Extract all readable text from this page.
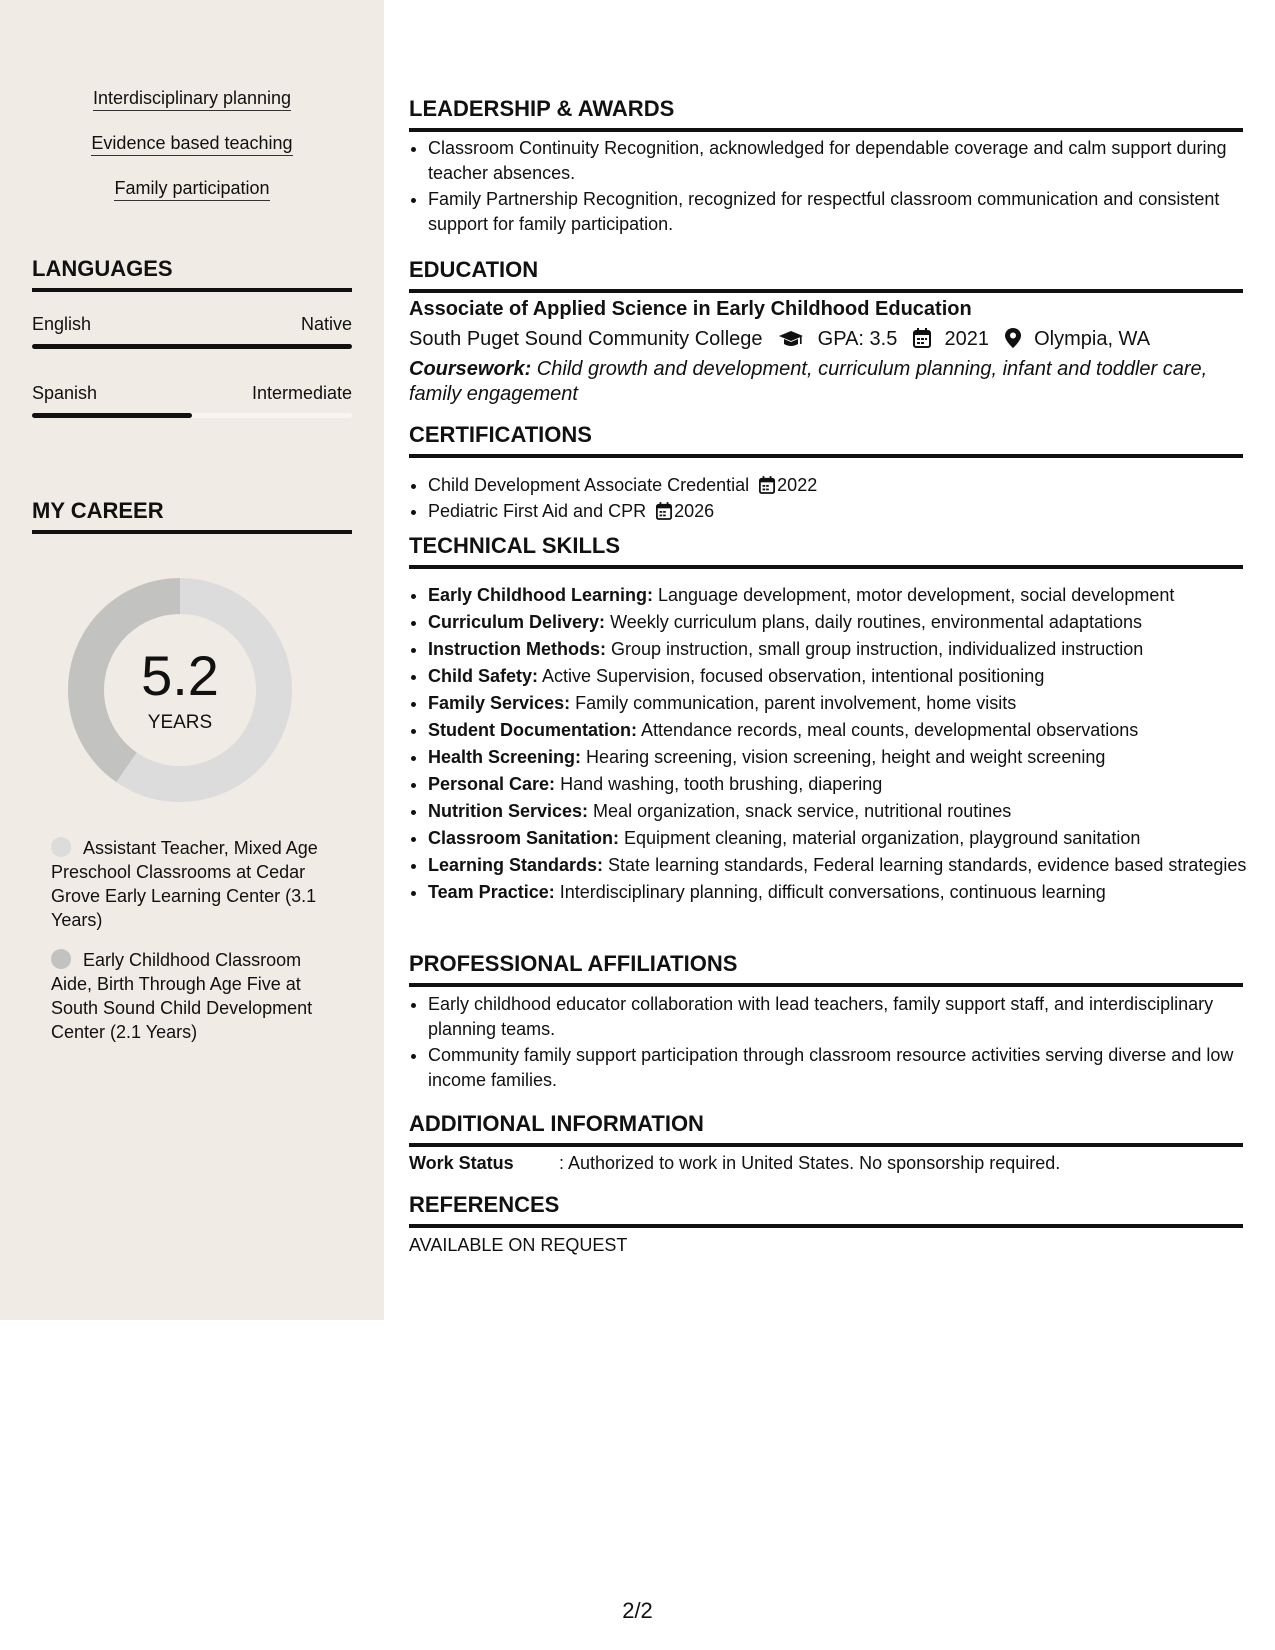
Interdisciplinary planning
Evidence based teaching
Family participation
LANGUAGES
English	Native
Spanish	Intermediate
MY CAREER
5.2
YEARS
Assistant Teacher, Mixed Age Preschool Classrooms at Cedar Grove Early Learning Center (3.1 Years)
Early Childhood Classroom Aide, Birth Through Age Five at South Sound Child Development Center (2.1 Years)
LEADERSHIP & AWARDS
• Classroom Continuity Recognition, acknowledged for dependable coverage and calm support during teacher absences.
• Family Partnership Recognition, recognized for respectful classroom communication and consistent support for family participation.
EDUCATION
Associate of Applied Science in Early Childhood Education
South Puget Sound Community College	GPA: 3.5 2021 Olympia, WA
Coursework: Child growth and development, curriculum planning, infant and toddler care, family engagement
CERTIFICATIONS
• Child Development Associate Credential 2022
• Pediatric First Aid and CPR 2026
TECHNICAL SKILLS
• Early Childhood Learning: Language development, motor development, social development
• Curriculum Delivery: Weekly curriculum plans, daily routines, environmental adaptations
• Instruction Methods: Group instruction, small group instruction, individualized instruction
• Child Safety: Active Supervision, focused observation, intentional positioning
• Family Services: Family communication, parent involvement, home visits
• Student Documentation: Attendance records, meal counts, developmental observations
• Health Screening: Hearing screening, vision screening, height and weight screening
• Personal Care: Hand washing, tooth brushing, diapering
• Nutrition Services: Meal organization, snack service, nutritional routines
• Classroom Sanitation: Equipment cleaning, material organization, playground sanitation
• Learning Standards: State learning standards, Federal learning standards, evidence based strategies
• Team Practice: Interdisciplinary planning, difficult conversations, continuous learning
PROFESSIONAL AFFILIATIONS
• Early childhood educator collaboration with lead teachers, family support staff, and interdisciplinary planning teams.
• Community family support participation through classroom resource activities serving diverse and low income families.
ADDITIONAL INFORMATION
Work Status	: Authorized to work in United States. No sponsorship required.
REFERENCES
AVAILABLE ON REQUEST
2/2
